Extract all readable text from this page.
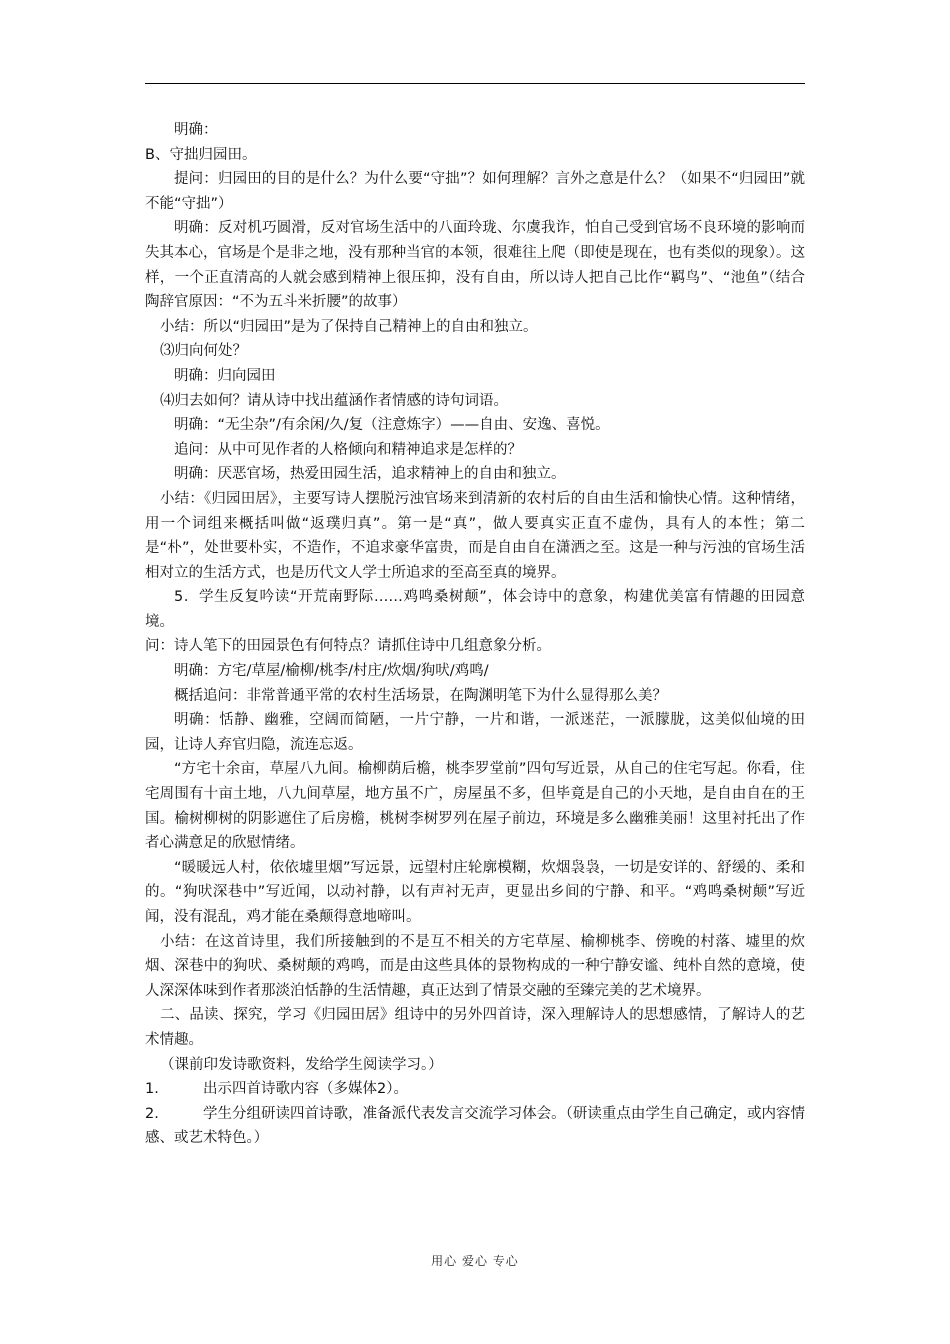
明确：

B、守拙归园田。

提问：归园田的目的是什么？为什么要“守拙”？如何理解？言外之意是什么？（如果不“归园田”就不能“守拙”）

明确：反对机巧圆滑，反对官场生活中的八面玲珑、尔虞我诈，怕自己受到官场不良环境的影响而失其本心，官场是个是非之地，没有那种当官的本领，很难往上爬（即使是现在，也有类似的现象）。这样，一个正直清高的人就会感到精神上很压抑，没有自由，所以诗人把自己比作“羁鸟”、“池鱼”（结合陶辞官原因：“不为五斗米折腰”的故事）

小结：所以“归园田”是为了保持自己精神上的自由和独立。

⑶归向何处？

明确：归向园田

⑷归去如何？请从诗中找出蕴涵作者情感的诗句词语。

明确：“无尘杂”/有余闲/久/复（注意炼字）——自由、安逸、喜悦。

追问：从中可见作者的人格倾向和精神追求是怎样的？

明确：厌恶官场，热爱田园生活，追求精神上的自由和独立。

小结：《归园田居》，主要写诗人摆脱污浊官场来到清新的农村后的自由生活和愉快心情。这种情绪，用一个词组来概括叫做“返璞归真”。第一是“真”，做人要真实正直不虚伪，具有人的本性；第二是“朴”，处世要朴实，不造作，不追求豪华富贵，而是自由自在潇洒之至。这是一种与污浊的官场生活相对立的生活方式，也是历代文人学士所追求的至高至真的境界。

5．学生反复吟读“开荒南野际……鸡鸣桑树颠”，体会诗中的意象，构建优美富有情趣的田园意境。

问：诗人笔下的田园景色有何特点？请抓住诗中几组意象分析。

明确：方宅/草屋/榆柳/桃李/村庄/炊烟/狗吠/鸡鸣/

概括追问：非常普通平常的农村生活场景，在陶渊明笔下为什么显得那么美？

明确：恬静、幽雅，空阔而简陋，一片宁静，一片和谐，一派迷茫，一派朦胧，这美似仙境的田园，让诗人弃官归隐，流连忘返。

“方宅十余亩，草屋八九间。榆柳荫后檐，桃李罗堂前”四句写近景，从自己的住宅写起。你看，住宅周围有十亩土地，八九间草屋，地方虽不广，房屋虽不多，但毕竟是自己的小天地，是自由自在的王国。榆树柳树的阴影遮住了后房檐，桃树李树罗列在屋子前边，环境是多么幽雅美丽！这里衬托出了作者心满意足的欣慰情绪。

“暖暖远人村，依依墟里烟”写远景，远望村庄轮廓模糊，炊烟袅袅，一切是安详的、舒缓的、柔和的。“狗吠深巷中”写近闻，以动衬静，以有声衬无声，更显出乡间的宁静、和平。“鸡鸣桑树颠”写近闻，没有混乱，鸡才能在桑颠得意地啼叫。

小结：在这首诗里，我们所接触到的不是互不相关的方宅草屋、榆柳桃李、傍晚的村落、墟里的炊烟、深巷中的狗吠、桑树颠的鸡鸣，而是由这些具体的景物构成的一种宁静安谧、纯朴自然的意境，使人深深体味到作者那淡泊恬静的生活情趣，真正达到了情景交融的至臻完美的艺术境界。

二、品读、探究，学习《归园田居》组诗中的另外四首诗，深入理解诗人的思想感情，了解诗人的艺术情趣。

（课前印发诗歌资料，发给学生阅读学习。）

1.	出示四首诗歌内容（多媒体2）。

2.	学生分组研读四首诗歌，准备派代表发言交流学习体会。（研读重点由学生自己确定，或内容情感、或艺术特色。）

用心 爱心 专心
